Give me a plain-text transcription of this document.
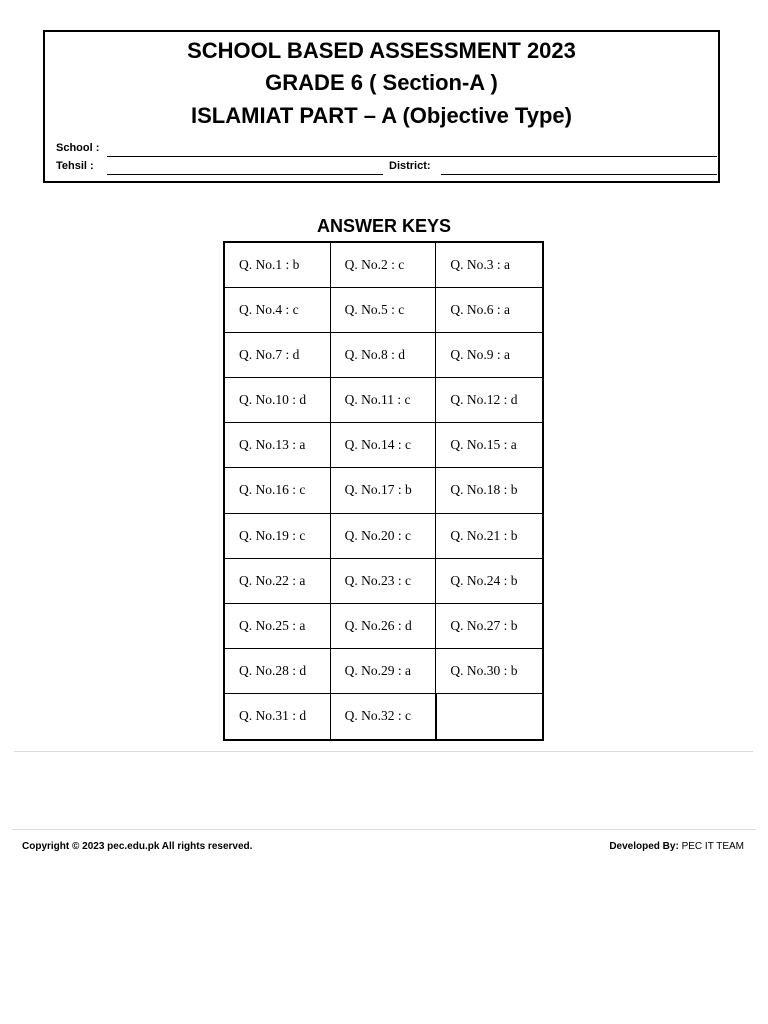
SCHOOL BASED ASSESSMENT 2023
GRADE 6 ( Section-A )
ISLAMIAT PART – A (Objective Type)
School :
Tehsil :	District:
ANSWER KEYS
Q. No.1 : b	Q. No.2 : c	Q. No.3 : a
Q. No.4 : c	Q. No.5 : c	Q. No.6 : a
Q. No.7 : d	Q. No.8 : d	Q. No.9 : a
Q. No.10 : d	Q. No.11 : c	Q. No.12 : d
Q. No.13 : a	Q. No.14 : c	Q. No.15 : a
Q. No.16 : c	Q. No.17 : b	Q. No.18 : b
Q. No.19 : c	Q. No.20 : c	Q. No.21 : b
Q. No.22 : a	Q. No.23 : c	Q. No.24 : b
Q. No.25 : a	Q. No.26 : d	Q. No.27 : b
Q. No.28 : d	Q. No.29 : a	Q. No.30 : b
Q. No.31 : d	Q. No.32 : c
Copyright © 2023 pec.edu.pk All rights reserved.	Developed By: PEC IT TEAM
